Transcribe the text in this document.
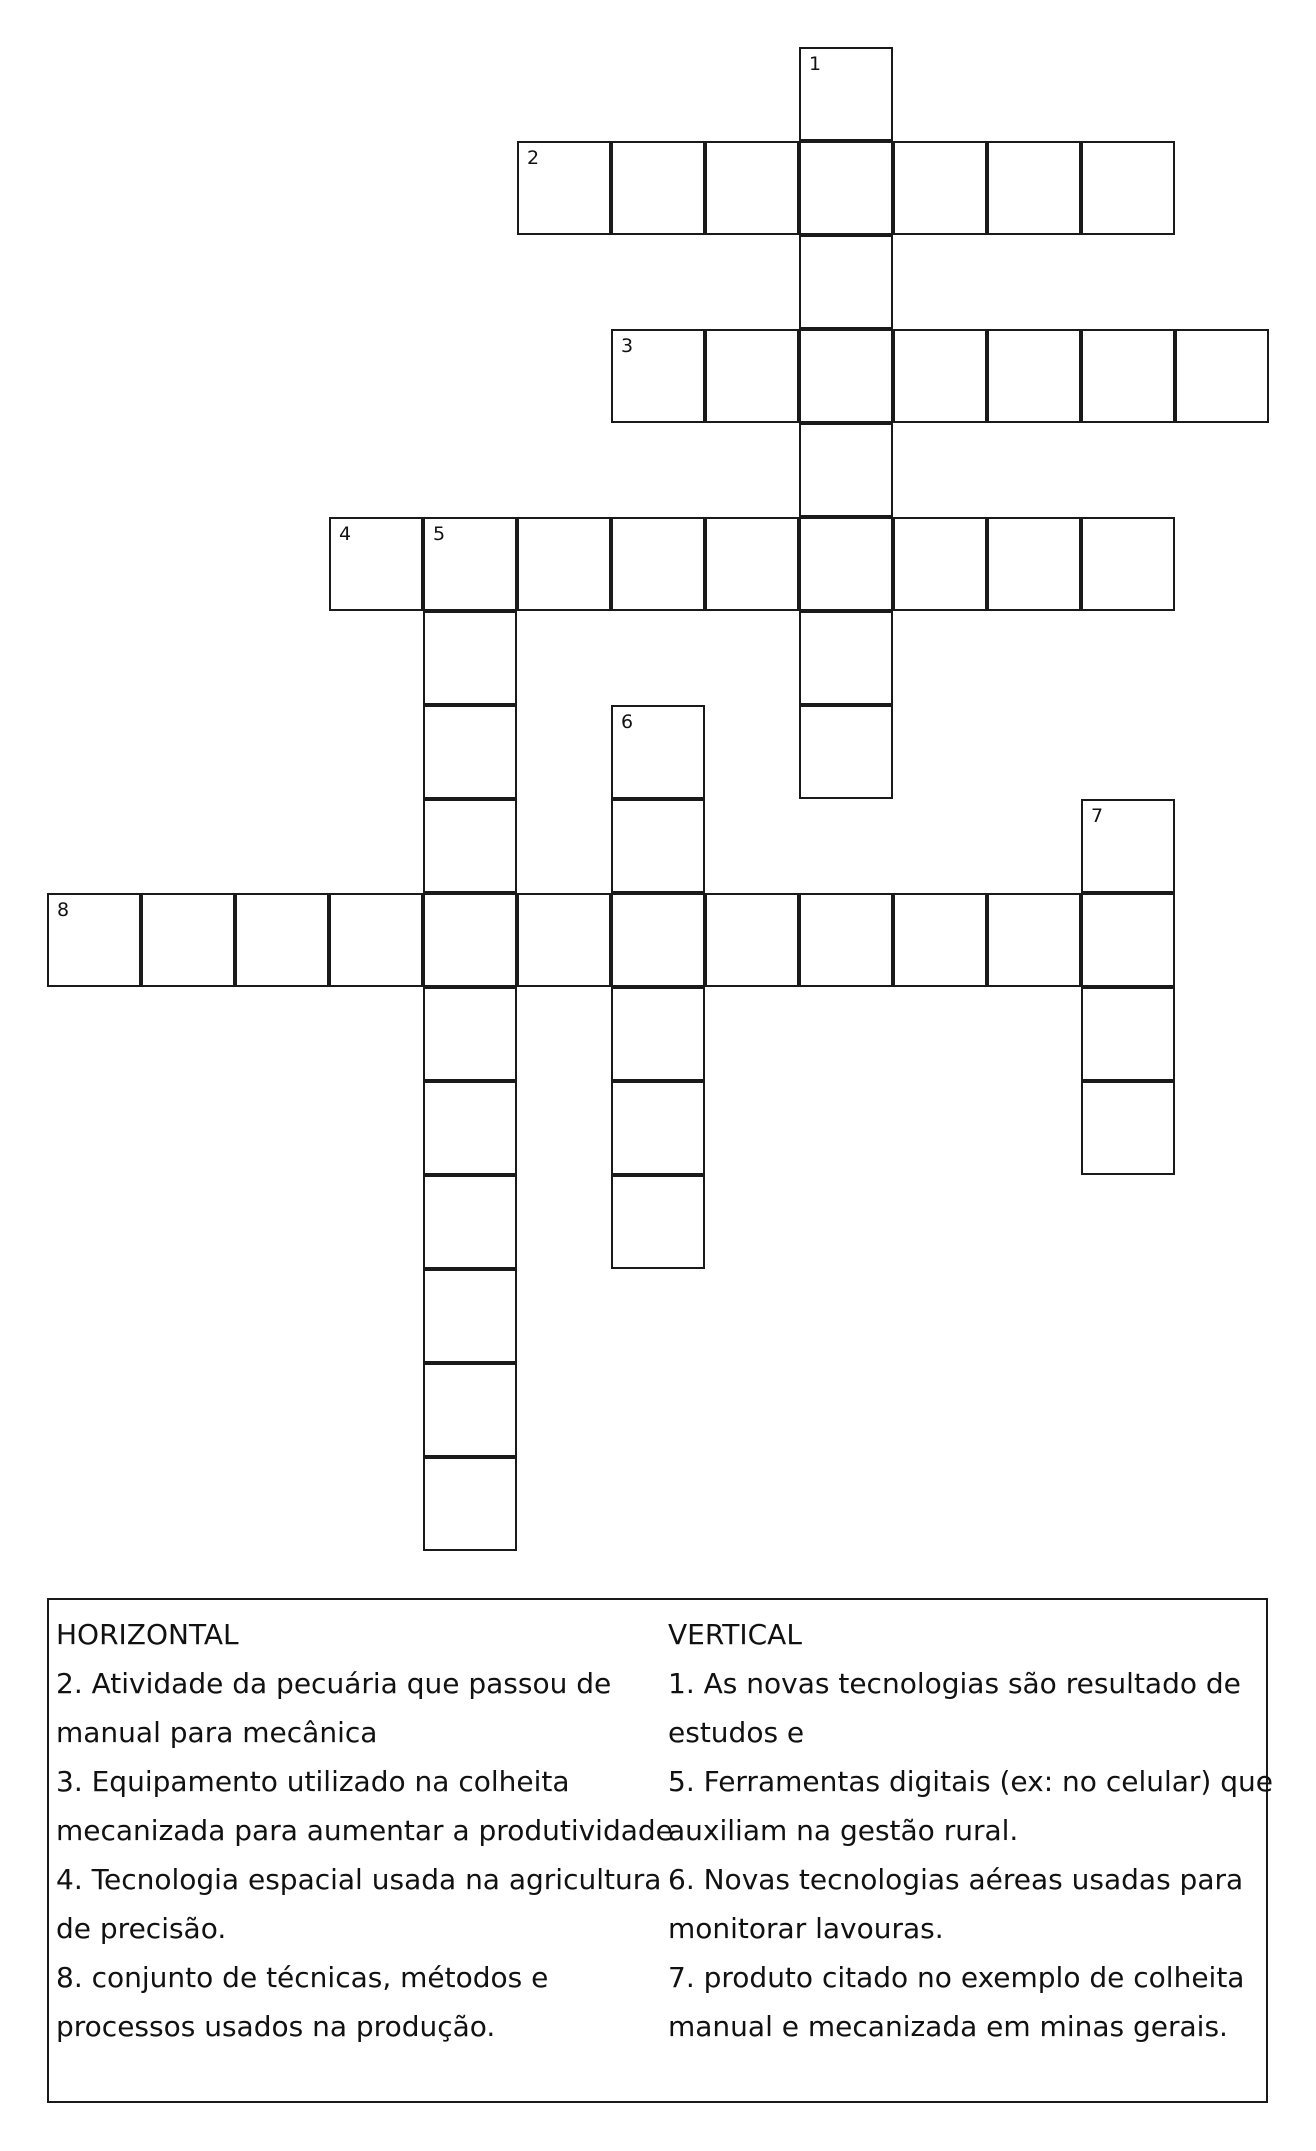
1
2
3
4	5
6
7
8
HORIZONTAL
2. Atividade da pecuária que passou de
manual para mecânica
3. Equipamento utilizado na colheita
mecanizada para aumentar a produtividade
4. Tecnologia espacial usada na agricultura
de precisão.
8. conjunto de técnicas, métodos e
processos usados na produção.
VERTICAL
1. As novas tecnologias são resultado de
estudos e
5. Ferramentas digitais (ex: no celular) que
auxiliam na gestão rural.
6. Novas tecnologias aéreas usadas para
monitorar lavouras.
7. produto citado no exemplo de colheita
manual e mecanizada em minas gerais.
